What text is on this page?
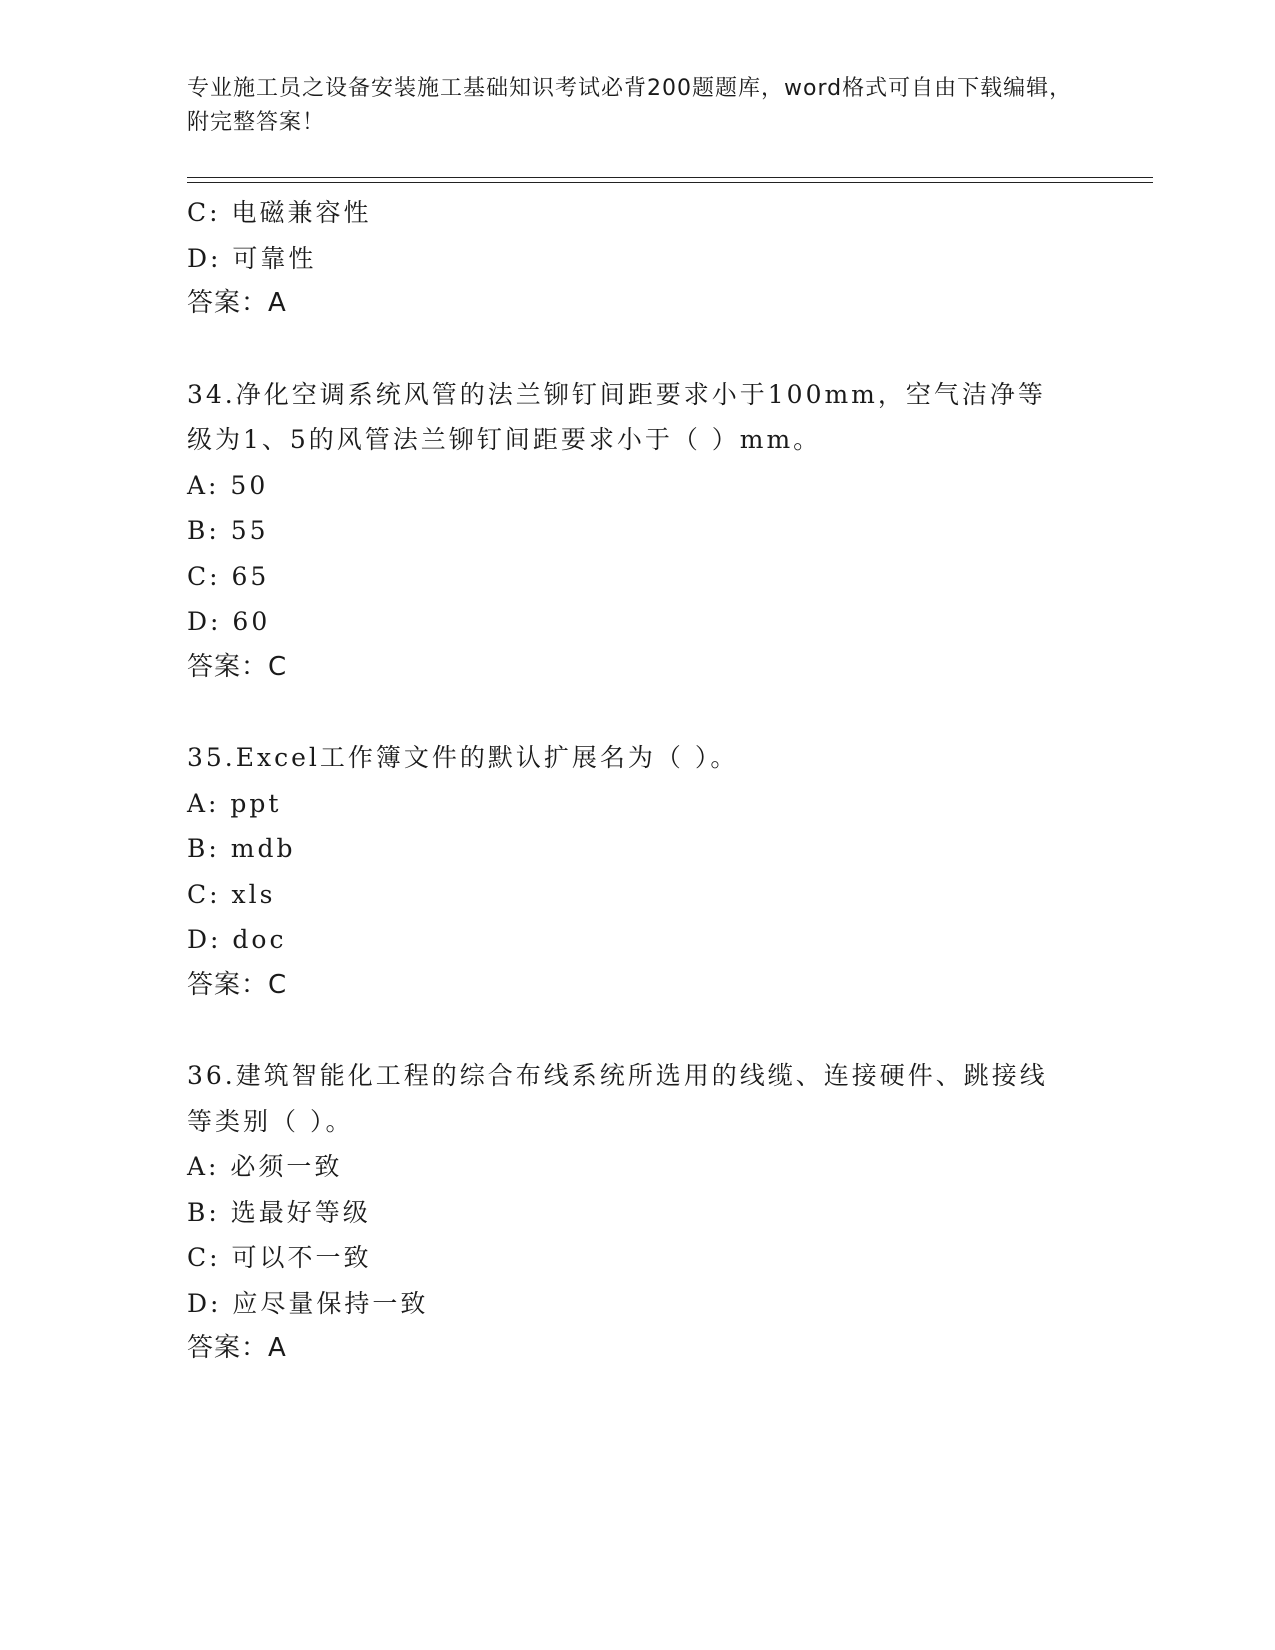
专业施工员之设备安装施工基础知识考试必背200题题库，word格式可自由下载编辑，附完整答案！
C: 电磁兼容性
D: 可靠性
答案：A
34.净化空调系统风管的法兰铆钉间距要求小于100mm，空气洁净等级为1、5的风管法兰铆钉间距要求小于（ ）mm。
A: 50
B: 55
C: 65
D: 60
答案：C
35.Excel工作簿文件的默认扩展名为（ ）。
A: ppt
B: mdb
C: xls
D: doc
答案：C
36.建筑智能化工程的综合布线系统所选用的线缆、连接硬件、跳接线等类别（ ）。
A: 必须一致
B: 选最好等级
C: 可以不一致
D: 应尽量保持一致
答案：A
